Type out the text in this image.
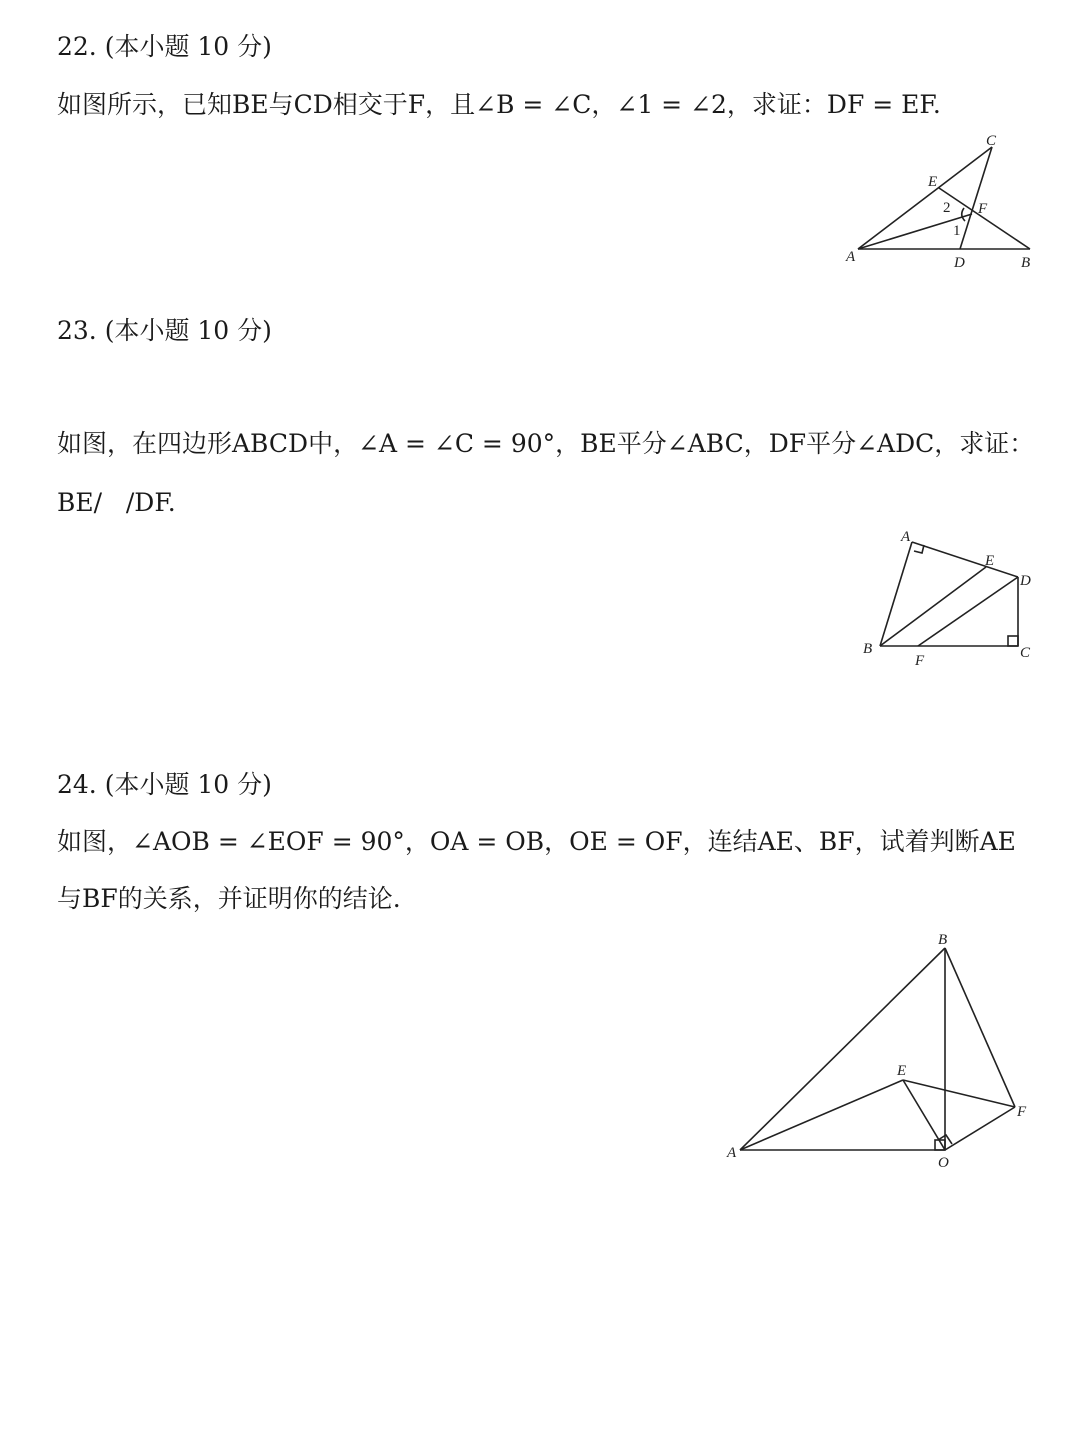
22. (本小题 10 分)
如图所示，已知BE与CD相交于F，且∠B = ∠C，∠1 = ∠2，求证：DF = EF.
C
E
F
2
1
A	D	B
23. (本小题 10 分)
如图，在四边形ABCD中，∠A = ∠C = 90°，BE平分∠ABC，DF平分∠ADC，求证：
BE/   /DF.
A
E
D
B
F	C
24. (本小题 10 分)
如图，∠AOB = ∠EOF = 90°，OA = OB，OE = OF，连结AE、BF，试着判断AE
与BF的关系，并证明你的结论.
B
E
F
A
O
